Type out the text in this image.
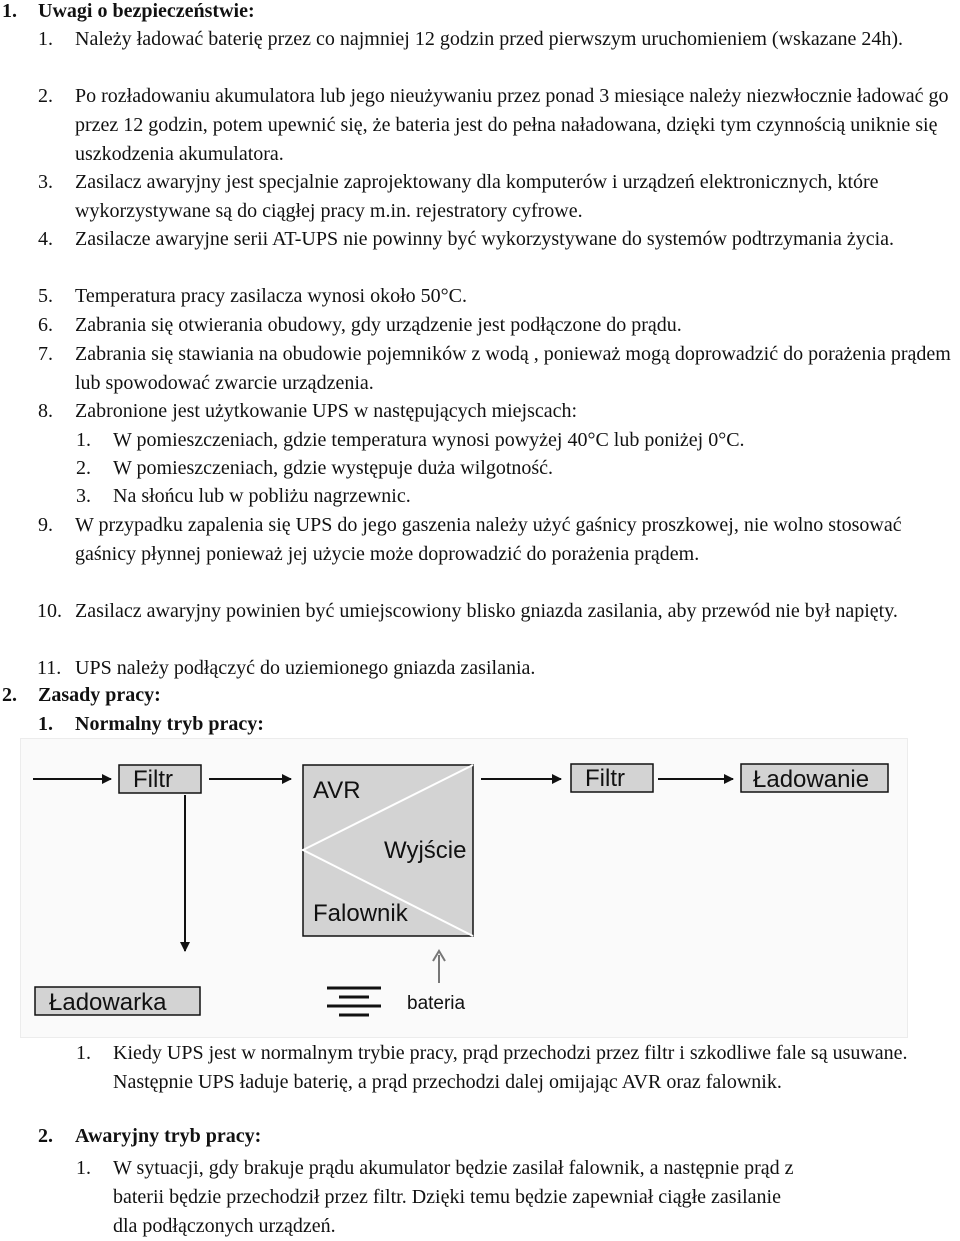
1. Uwagi o bezpieczeństwie:
1. Należy ładować baterię przez co najmniej 12 godzin przed pierwszym uruchomieniem (wskazane 24h).
2. Po rozładowaniu akumulatora lub jego nieużywaniu przez ponad 3 miesiące należy niezwłocznie ładować go przez 12 godzin, potem upewnić się, że bateria jest do pełna naładowana, dzięki tym czynnością uniknie się uszkodzenia akumulatora.
3. Zasilacz awaryjny jest specjalnie zaprojektowany dla komputerów i urządzeń elektronicznych, które wykorzystywane są do ciągłej pracy m.in. rejestratory cyfrowe.
4. Zasilacze awaryjne serii AT-UPS nie powinny być wykorzystywane do systemów podtrzymania życia.
5. Temperatura pracy zasilacza wynosi około 50°C.
6. Zabrania się otwierania obudowy, gdy urządzenie jest podłączone do prądu.
7. Zabrania się stawiania na obudowie pojemników z wodą , ponieważ mogą doprowadzić do porażenia prądem lub spowodować zwarcie urządzenia.
8. Zabronione jest użytkowanie UPS w następujących miejscach:
1. W pomieszczeniach, gdzie temperatura wynosi powyżej 40°C lub poniżej 0°C.
2. W pomieszczeniach, gdzie występuje duża wilgotność.
3. Na słońcu lub w pobliżu nagrzewnic.
9. W przypadku zapalenia się UPS do jego gaszenia należy użyć gaśnicy proszkowej, nie wolno stosować gaśnicy płynnej ponieważ jej użycie może doprowadzić do porażenia prądem.
10. Zasilacz awaryjny powinien być umiejscowiony blisko gniazda zasilania, aby przewód nie był napięty.
11. UPS należy podłączyć do uziemionego gniazda zasilania.
2. Zasady pracy:
1. Normalny tryb pracy:
Filtr	AVR
Wyjście
Falownik
Filtr	Ładowanie
Ładowarka	bateria
1. Kiedy UPS jest w normalnym trybie pracy, prąd przechodzi przez filtr i szkodliwe fale są usuwane. Następnie UPS ładuje baterię, a prąd przechodzi dalej omijając AVR oraz falownik.
2. Awaryjny tryb pracy:
1. W sytuacji, gdy brakuje prądu akumulator będzie zasilał falownik, a następnie prąd z
baterii będzie przechodził przez filtr. Dzięki temu będzie zapewniał ciągłe zasilanie
dla podłączonych urządzeń.
